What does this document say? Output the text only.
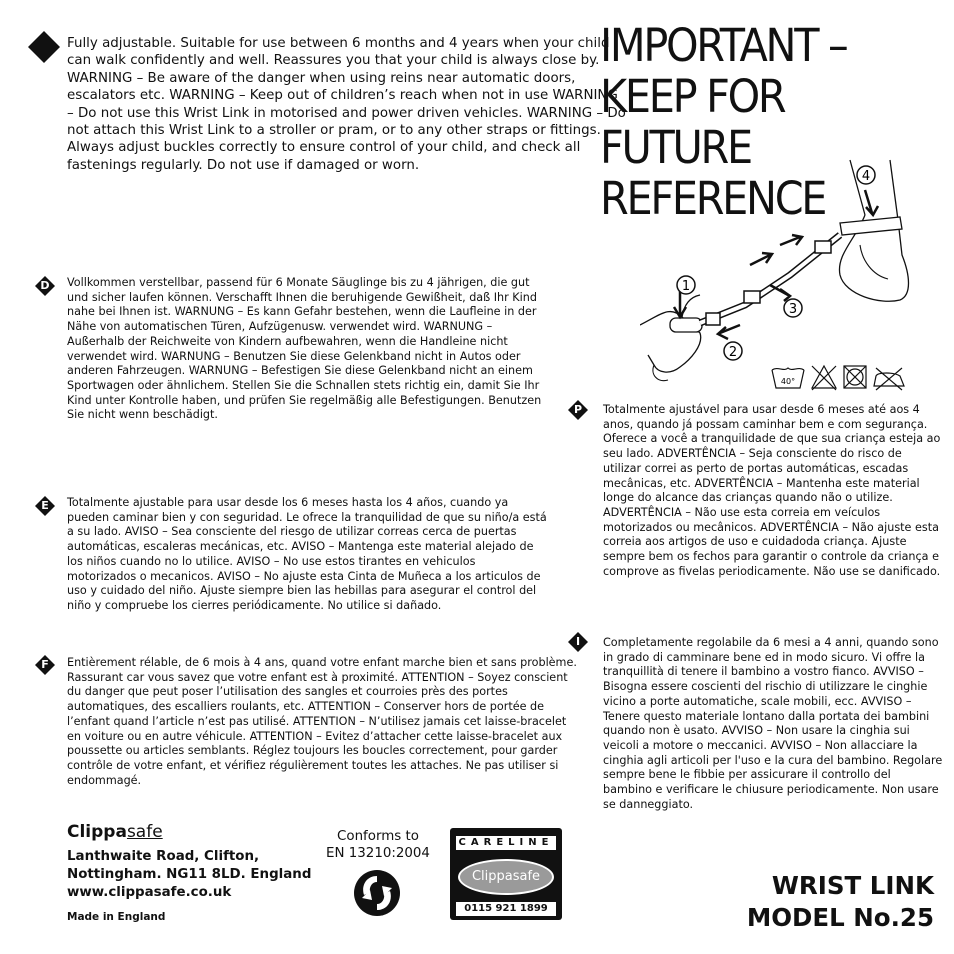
Fully adjustable. Suitable for use between 6 months and 4 years when your child can walk confidently and well. Reassures you that your child is always close by. WARNING – Be aware of the danger when using reins near automatic doors, escalators etc. WARNING – Keep out of children’s reach when not in use WARNING – Do not use this Wrist Link in motorised and power driven vehicles. WARNING – Do not attach this Wrist Link to a stroller or pram, or to any other straps or fittings. Always adjust buckles correctly to ensure control of your child, and check all fastenings regularly. Do not use if damaged or worn.
D	Vollkommen verstellbar, passend für 6 Monate Säuglinge bis zu 4 jährigen, die gut und sicher laufen können. Verschafft Ihnen die beruhigende Gewißheit, daß Ihr Kind nahe bei Ihnen ist. WARNUNG – Es kann Gefahr bestehen, wenn die Laufleine in der Nähe von automatischen Türen, Aufzügenusw. verwendet wird. WARNUNG – Außerhalb der Reichweite von Kindern aufbewahren, wenn die Handleine nicht verwendet wird. WARNUNG – Benutzen Sie diese Gelenkband nicht in Autos oder anderen Fahrzeugen. WARNUNG – Befestigen Sie diese Gelenkband nicht an einem Sportwagen oder ähnlichem. Stellen Sie die Schnallen stets richtig ein, damit Sie Ihr Kind unter Kontrolle haben, und prüfen Sie regelmäßig alle Befestigungen. Benutzen Sie nicht wenn beschädigt.
E	Totalmente ajustable para usar desde los 6 meses hasta los 4 años, cuando ya pueden caminar bien y con seguridad. Le ofrece la tranquilidad de que su niño/a está a su lado. AVISO – Sea consciente del riesgo de utilizar correas cerca de puertas automáticas, escaleras mecánicas, etc. AVISO – Mantenga este material alejado de los niños cuando no lo utilice. AVISO – No use estos tirantes en vehiculos motorizados o mecanicos. AVISO – No ajuste esta Cinta de Muñeca a los articulos de uso y cuidado del niño. Ajuste siempre bien las hebillas para asegurar el control del niño y compruebe los cierres periódicamente. No utilice si dañado.
F	Entièrement rélable, de 6 mois à 4 ans, quand votre enfant marche bien et sans problème. Rassurant car vous savez que votre enfant est à proximité. ATTENTION – Soyez conscient du danger que peut poser l’utilisation des sangles et courroies près des portes automatiques, des escalliers roulants, etc. ATTENTION – Conserver hors de portée de l’enfant quand l’article n’est pas utilisé. ATTENTION – N’utilisez jamais cet laisse-bracelet en voiture ou en autre véhicule. ATTENTION – Evitez d’attacher cette laisse-bracelet aux poussette ou articles semblants. Réglez toujours les boucles correctement, pour garder contrôle de votre enfant, et vérifiez régulièrement toutes les attaches. Ne pas utiliser si endommagé.
IMPORTANT –
KEEP FOR FUTURE
REFERENCE
1
2
3
4
40°
P	Totalmente ajustável para usar desde 6 meses até aos 4 anos, quando já possam caminhar bem e com segurança. Oferece a você a tranquilidade de que sua criança esteja ao seu lado. ADVERTÊNCIA – Seja consciente do risco de utilizar correi as perto de portas automáticas, escadas mecânicas, etc. ADVERTÊNCIA – Mantenha este material longe do alcance das crianças quando não o utilize. ADVERTÊNCIA – Não use esta correia em veículos motorizados ou mecânicos. ADVERTÊNCIA – Não ajuste esta correia aos artigos de uso e cuidadoda criança. Ajuste sempre bem os fechos para garantir o controle da criança e comprove as fivelas periodicamente. Não use se danificado.
I	Completamente regolabile da 6 mesi a 4 anni, quando sono in grado di camminare bene ed in modo sicuro. Vi offre la tranquillità di tenere il bambino a vostro fianco. AVVISO – Bisogna essere coscienti del rischio di utilizzare le cinghie vicino a porte automatiche, scale mobili, ecc. AVVISO – Tenere questo materiale lontano dalla portata dei bambini quando non è usato. AVVISO – Non usare la cinghia sui veicoli a motore o meccanici. AVVISO – Non allacciare la cinghia agli articoli per l'uso e la cura del bambino. Regolare sempre bene le fibbie per assicurare il controllo del bambino e verificare le chiusure periodicamente. Non usare se danneggiato.
Clippasafe
Lanthwaite Road, Clifton,
Nottingham. NG11 8LD. England
www.clippasafe.co.uk
Made in England
Conforms to
EN 13210:2004
CARELINE
Clippasafe
0115 921 1899
WRIST LINK
MODEL No.25
